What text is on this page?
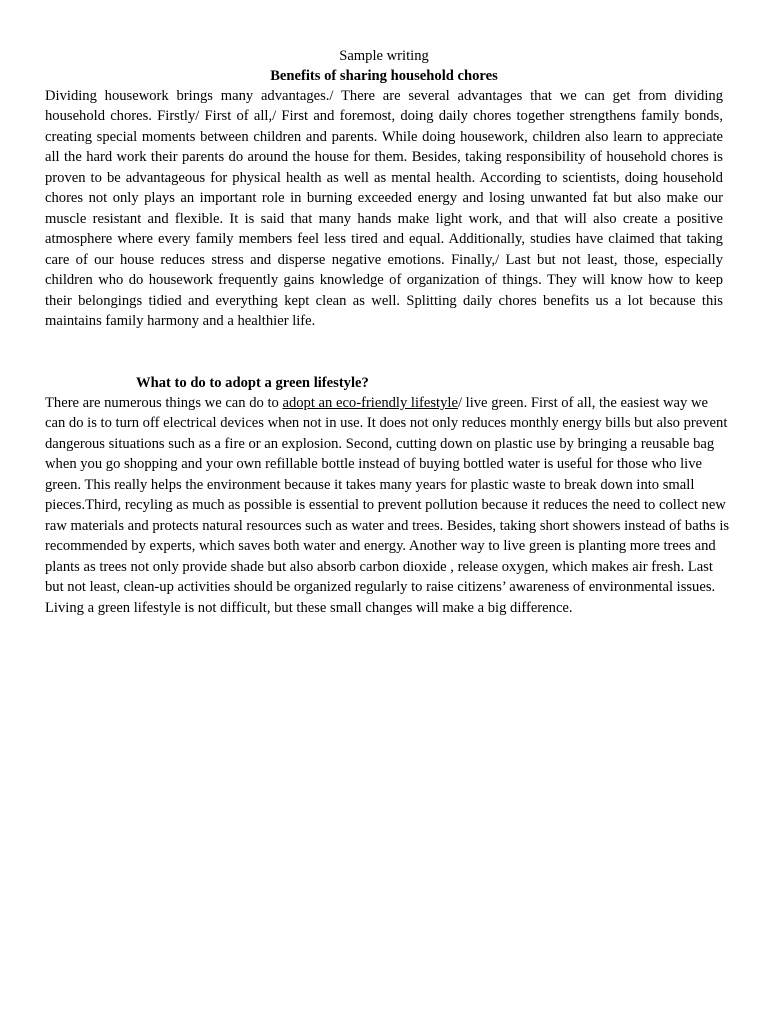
Sample writing
Benefits of sharing household chores

Dividing housework brings many advantages./ There are several advantages that we can get from dividing household chores. Firstly/ First of all,/ First and foremost, doing daily chores together strengthens family bonds, creating special moments between children and parents. While doing housework, children also learn to appreciate all the hard work their parents do around the house for them. Besides, taking responsibility of household chores is proven to be advantageous for physical health as well as mental health. According to scientists, doing household chores not only plays an important role in burning exceeded energy and losing unwanted fat but also make our muscle resistant and flexible. It is said that many hands make light work, and that will also create a positive atmosphere where every family members feel less tired and equal. Additionally, studies have claimed that taking care of our house reduces stress and disperse negative emotions. Finally,/ Last but not least, those, especially children who do housework frequently gains knowledge of organization of things. They will know how to keep their belongings tidied and everything kept clean as well. Splitting daily chores benefits us a lot because this maintains family harmony and a healthier life.

What to do to adopt a green lifestyle?

There are numerous things we can do to adopt an eco-friendly lifestyle/ live green. First of all, the easiest way we can do is to turn off electrical devices when not in use. It does not only reduces monthly energy bills but also prevent dangerous situations such as a fire or an explosion. Second, cutting down on plastic use by bringing a reusable bag when you go shopping and your own refillable bottle instead of buying bottled water is useful for those who live green. This really helps the environment because it takes many years for plastic waste to break down into small pieces.Third, recyling as much as possible is essential to prevent pollution because it reduces the need to collect new raw materials and protects natural resources such as water and trees. Besides, taking short showers instead of baths is recommended by experts, which saves both water and energy. Another way to live green is planting more trees and plants as trees not only provide shade but also absorb carbon dioxide , release oxygen, which makes air fresh. Last but not least, clean-up activities should be organized regularly to raise citizens’ awareness of environmental issues. Living a green lifestyle is not difficult, but these small changes will make a big difference.
